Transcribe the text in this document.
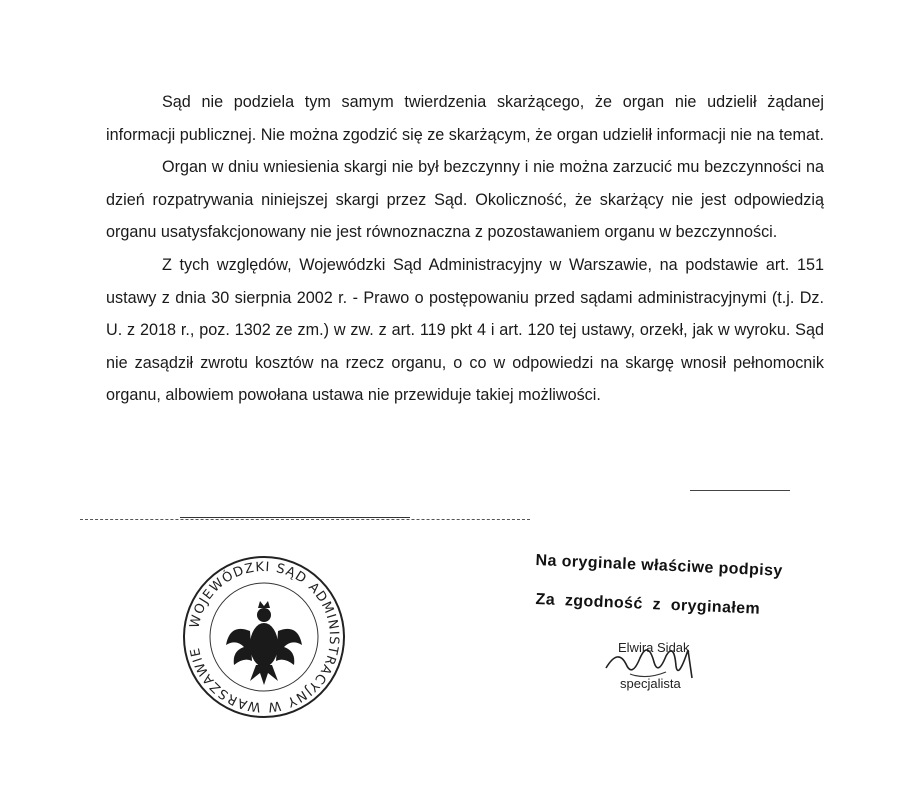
Sąd nie podziela tym samym twierdzenia skarżącego, że organ nie udzielił żądanej informacji publicznej. Nie można zgodzić się ze skarżącym, że organ udzielił informacji nie na temat.

Organ w dniu wniesienia skargi nie był bezczynny i nie można zarzucić mu bezczynności na dzień rozpatrywania niniejszej skargi przez Sąd. Okoliczność, że skarżący nie jest odpowiedzią organu usatysfakcjonowany nie jest równoznaczna z pozostawaniem organu w bezczynności.

Z tych względów, Wojewódzki Sąd Administracyjny w Warszawie, na podstawie art. 151 ustawy z dnia 30 sierpnia 2002 r. - Prawo o postępowaniu przed sądami administracyjnymi (t.j. Dz. U. z 2018 r., poz. 1302 ze zm.) w zw. z art. 119 pkt 4 i art. 120 tej ustawy, orzekł, jak w wyroku. Sąd nie zasądził zwrotu kosztów na rzecz organu, o co w odpowiedzi na skargę wnosił pełnomocnik organu, albowiem powołana ustawa nie przewiduje takiej możliwości.

WOJEWÓDZKI SĄD ADMINISTRACYJNY W WARSZAWIE
Na oryginale właściwe podpisy
Za zgodność z oryginałem
Elwira Sidak
specjalista
